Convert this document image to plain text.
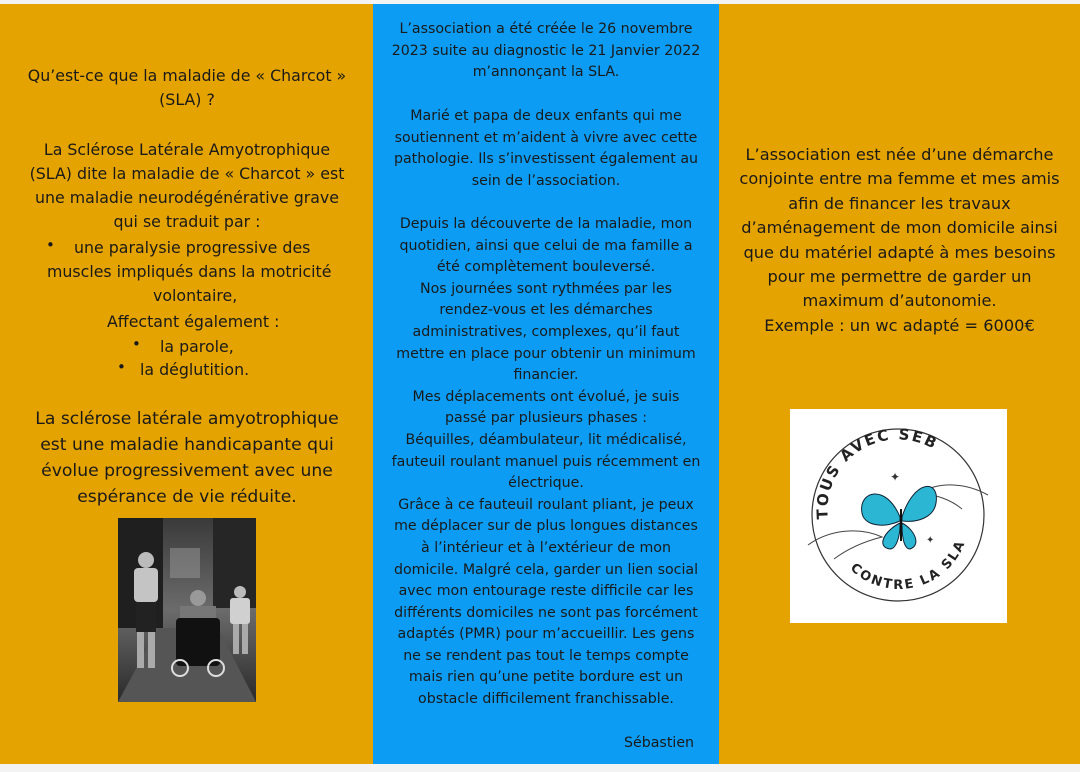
Qu’est-ce que la maladie de « Charcot »
(SLA) ?
La Sclérose Latérale Amyotrophique
(SLA) dite la maladie de « Charcot » est
une maladie neurodégénérative grave
qui se traduit par :
• une paralysie progressive des
muscles impliqués dans la motricité
volontaire,
Affectant également :
• la parole,
• la déglutition.
La sclérose latérale amyotrophique
est une maladie handicapante qui
évolue progressivement avec une
espérance de vie réduite.
L’association a été créée le 26 novembre
2023 suite au diagnostic le 21 Janvier 2022
m’annonçant la SLA.
Marié et papa de deux enfants qui me
soutiennent et m’aident à vivre avec cette
pathologie. Ils s’investissent également au
sein de l’association.
Depuis la découverte de la maladie, mon
quotidien, ainsi que celui de ma famille a
été complètement bouleversé.
Nos journées sont rythmées par les
rendez-vous et les démarches
administratives, complexes, qu’il faut
mettre en place pour obtenir un minimum
financier.
Mes déplacements ont évolué, je suis
passé par plusieurs phases :
Béquilles, déambulateur, lit médicalisé,
fauteuil roulant manuel puis récemment en
électrique.
Grâce à ce fauteuil roulant pliant, je peux
me déplacer sur de plus longues distances
à l’intérieur et à l’extérieur de mon
domicile. Malgré cela, garder un lien social
avec mon entourage reste difficile car les
différents domiciles ne sont pas forcément
adaptés (PMR) pour m’accueillir. Les gens
ne se rendent pas tout le temps compte
mais rien qu’une petite bordure est un
obstacle difficilement franchissable.
Sébastien
L’association est née d’une démarche
conjointe entre ma femme et mes amis
afin de financer les travaux
d’aménagement de mon domicile ainsi
que du matériel adapté à mes besoins
pour me permettre de garder un
maximum d’autonomie.
Exemple : un wc adapté = 6000€
TOUS AVEC SEB
CONTRE LA SLA
✦
✦
